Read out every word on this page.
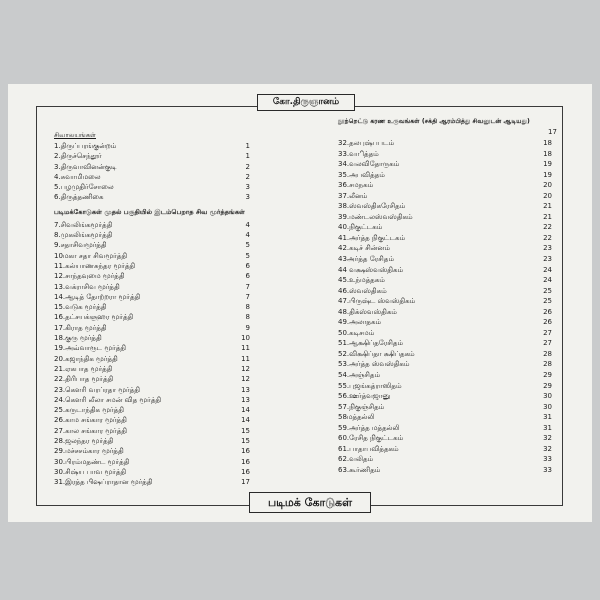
கோ.திருஞானம்
சிவாலயங்கள்
1.திருப்பரங்குன்றம்	1
2.திருச்செந்தூர்	1
3.திருவாவினன்குடி	2
4.சுவாமிமலை	2
5.பழமுதிர்சோலை	3
6.திருத்தணிகை	3
படிமக்கோடுகள் முதல் பகுதியில் இடம்பெறாத சிவ மூர்த்தங்கள்
7.சிவலிங்கமூர்த்தி	4
8.முகலிங்கமூர்த்தி	4
9.சதாசிவமூர்த்தி	5
10மகா சதா சிவமூர்த்தி	5
11.கல்யாணசுந்தர மூர்த்தி	6
12.சாந்தவுமை மூர்த்தி	6
13.வக்ராசிவ மூர்த்தி	7
14.ஆடித் தோற்றரா மூர்த்தி	7
15.வடுக மூர்த்தி	8
16.தட்சயக்ஞஹர மூர்த்தி	8
17.கிராத மூர்த்தி	9
18.குரு மூர்த்தி	10
19.அவ்வாரூட மூர்த்தி	11
20.கஜாந்திக மூர்த்தி	11
21.ஏகபாத மூர்த்தி	12
22.திரிபாத மூர்த்தி	12
23.கெளரி வரப்ரதா மூர்த்தி	13
24.கெளரி லீலா சமன் வித மூர்த்தி	13
25.கருடாந்திக மூர்த்தி	14
26.காம சங்கார மூர்த்தி	14
27.கால சங்கார மூர்த்தி	15
28.ஜலந்தர மூர்த்தி	15
29.மச்சசம்கார மூர்த்தி	16
30.பிரம்மதண்ட மூர்த்தி	16
30.சிஷ்ய பாவ மூர்த்தி	16
31.இரத்த பிஷப்ராதான மூர்த்தி	17
நூற்றெட்டு கரண உருவங்கள் (சக்தி ஆரம்பித்து சிவனுடன் ஆடியது)
17
32.தலபுஷ்பபடம்	18
33.வாித்தம்	18
34.வலவிதோருகம்	19
35.அபவித்தம்	19
36.சமநகம்	20
37.லீனம்	20
38.ஸ்வஸ்திகரேசிதம்	21
39.மண்டலஸ்வஸ்திகம்	21
40.நிகுட்டகம்	22
41.அர்த்த நிகுட்டகம்	22
42.கடிச் சின்னம்	23
43அர்த்த ரேசிதம்	23
44 வக்ஷஸ்வஸ்திகம்	24
45.உந்மத்தகம்	24
46.ஸ்வஸ்திகம்	25
47.பிருஷ்ட ஸ்வஸ்திகம்	25
48.திக்ஸ்வஸ்திகம்	26
49.அலாதகம்	26
50.கடிசமம்	27
51.ஆக்ஷிப்தரேசிதம்	27
52.விக்ஷிப்தா க்ஷிப்தகம்	28
53.அர்த்த ஸ்வஸ்திகம்	28
54.அஞ்சிதம்	29
55.புஜங்கத்ராஸிதம்	29
56.ஊர்த்வஜானு	30
57.நிகுஞ்சிதம்	30
58மத்தல்லி	31
59.அர்த்த மத்தல்லி	31
60.ரேசித நிகுட்டகம்	32
61.பாதாபவித்தகம்	32
62.வலிதம்	33
63.கூர்ணிதம்	33
படிமக் கோடுகள்
